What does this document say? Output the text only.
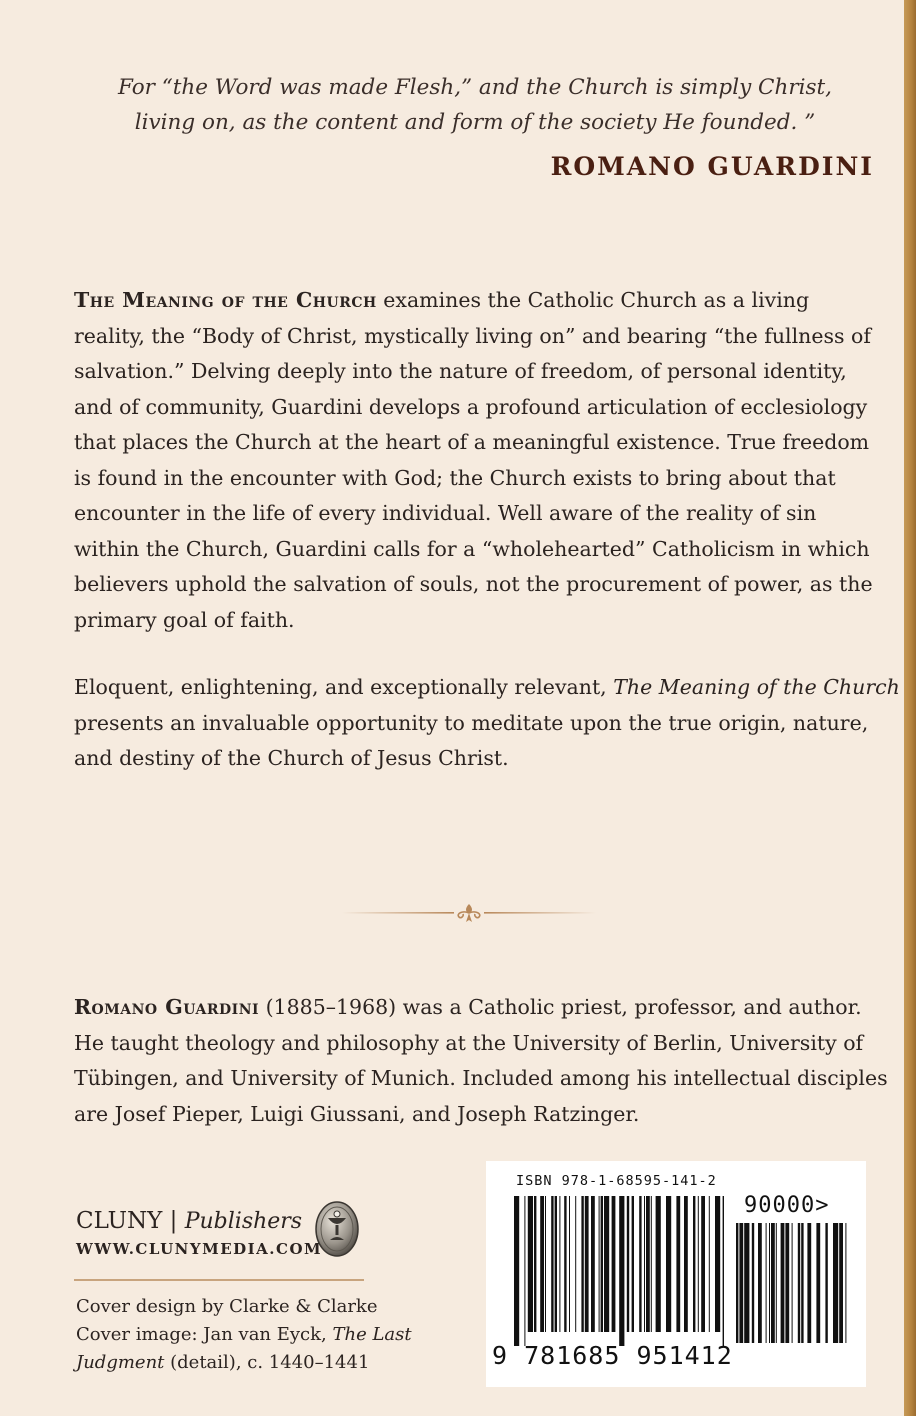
For “the Word was made Flesh,” and the Church is simply Christ,
living on, as the content and form of the society He founded. ”
ROMANO GUARDINI
The Meaning of the Church examines the Catholic Church as a living
reality, the “Body of Christ, mystically living on” and bearing “the fullness of
salvation.” Delving deeply into the nature of freedom, of personal identity,
and of community, Guardini develops a profound articulation of ecclesiology
that places the Church at the heart of a meaningful existence. True freedom
is found in the encounter with God; the Church exists to bring about that
encounter in the life of every individual. Well aware of the reality of sin
within the Church, Guardini calls for a “wholehearted” Catholicism in which
believers uphold the salvation of souls, not the procurement of power, as the
primary goal of faith.
Eloquent, enlightening, and exceptionally relevant, The Meaning of the Church
presents an invaluable opportunity to meditate upon the true origin, nature,
and destiny of the Church of Jesus Christ.
Romano Guardini (1885–1968) was a Catholic priest, professor, and author.
He taught theology and philosophy at the University of Berlin, University of
Tübingen, and University of Munich. Included among his intellectual disciples
are Josef Pieper, Luigi Giussani, and Joseph Ratzinger.
CLUNY | Publishers
WWW.CLUNYMEDIA.COM
Cover design by Clarke & Clarke
Cover image: Jan van Eyck, The Last
Judgment (detail), c. 1440–1441
ISBN 978-1-68595-141-2
90000>
9 781685 951412
